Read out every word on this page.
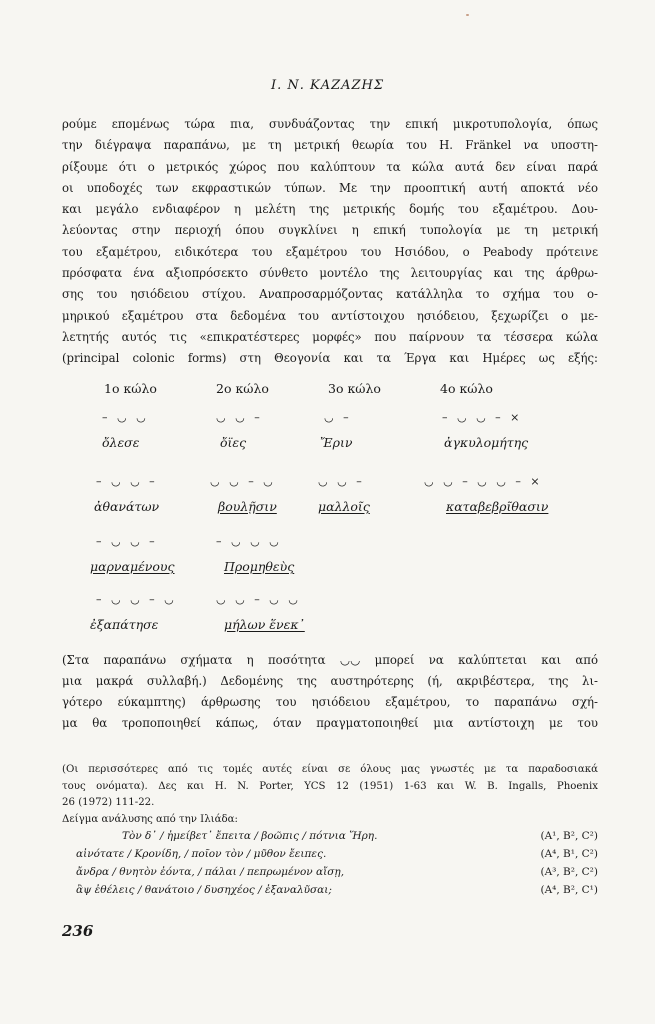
Ι. Ν. ΚΑΖΑΖΗΣ
ρούμε επομένως τώρα πια, συνδυάζοντας την επική μικροτυπολογία, όπως
την διέγραψα παραπάνω, με τη μετρική θεωρία του H. Fränkel να υποστη-
ρίξουμε ότι ο μετρικός χώρος που καλύπτουν τα κώλα αυτά δεν είναι παρά
οι υποδοχές των εκφραστικών τύπων. Με την προοπτική αυτή αποκτά νέο
και μεγάλο ενδιαφέρον η μελέτη της μετρικής δομής του εξαμέτρου. Δου-
λεύοντας στην περιοχή όπου συγκλίνει η επική τυπολογία με τη μετρική
του εξαμέτρου, ειδικότερα του εξαμέτρου του Ησιόδου, ο Peabody πρότεινε
πρόσφατα ένα αξιοπρόσεκτο σύνθετο μοντέλο της λειτουργίας και της άρθρω-
σης του ησιόδειου στίχου. Αναπροσαρμόζοντας κατάλληλα το σχήμα του ο-
μηρικού εξαμέτρου στα δεδομένα του αντίστοιχου ησιόδειου, ξεχωρίζει ο με-
λετητής αυτός τις «επικρατέστερες μορφές» που παίρνουν τα τέσσερα κώλα
(principal colonic forms) στη Θεογονία και τα Έργα και Ημέρες ως εξής:
1ο κώλο	2ο κώλο	3ο κώλο	4ο κώλο
– ◡ ◡	◡ ◡ –	◡ –	– ◡ ◡ – ×
ὄλεσε	ὄϊες	Ἔριν	ἀγκυλομήτης
– ◡ ◡ –	◡ ◡ – ◡	◡ ◡ –	◡ ◡ – ◡ ◡ – ×
ἀθανάτων	βουλῇσιν	μαλλοῖς	καταβεβρῖθασιν
– ◡ ◡ –	– ◡ ◡ ◡
μαρναμένους	Προμηθεὺς
– ◡ ◡ – ◡	◡ ◡ – ◡ ◡
ἐξαπάτησε	μήλων ἕνεκ᾽
(Στα παραπάνω σχήματα η ποσότητα ◡◡ μπορεί να καλύπτεται και από
μια μακρά συλλαβή.) Δεδομένης της αυστηρότερης (ή, ακριβέστερα, της λι-
γότερο εύκαμπτης) άρθρωσης του ησιόδειου εξαμέτρου, το παραπάνω σχή-
μα θα τροποποιηθεί κάπως, όταν πραγματοποιηθεί μια αντίστοιχη με του
(Οι περισσότερες από τις τομές αυτές είναι σε όλους μας γνωστές με τα παραδοσιακά
τους ονόματα). Δες και H. N. Porter, YCS 12 (1951) 1-63 και W. B. Ingalls, Phoenix
26 (1972) 111-22.
Δείγμα ανάλυσης από την Ιλιάδα:
Τὸν δ᾽ / ἠμείβετ᾽ ἔπειτα / βοῶπις / πότνια Ἥρη.	(A¹, B², C²)
αἰνότατε / Κρονίδη, / ποῖον τὸν / μῦθον ἔειπες.	(A⁴, B¹, C²)
ἄνδρα / θνητὸν ἐόντα, / πάλαι / πεπρωμένον αἴσῃ,	(A³, B², C²)
ἂψ ἐθέλεις / θανάτοιο / δυσηχέος / ἐξαναλῦσαι;	(A⁴, B², C¹)
236
